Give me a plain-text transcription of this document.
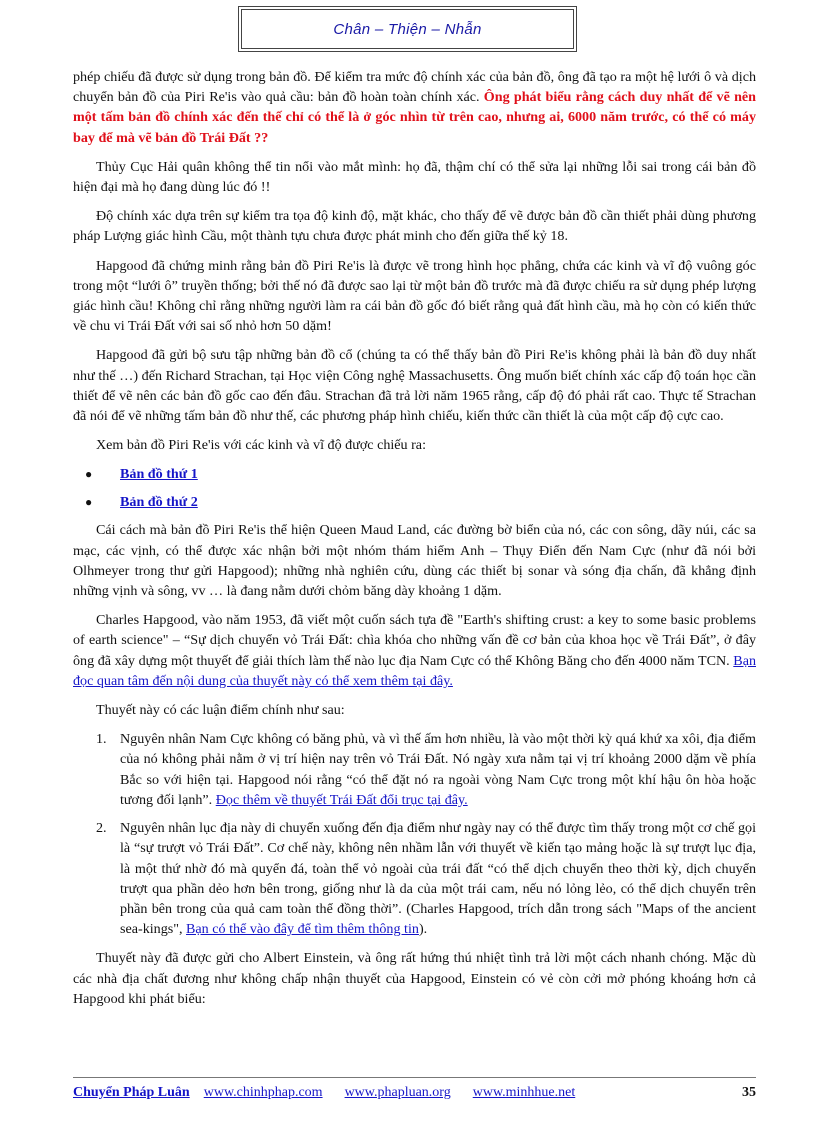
Chân – Thiện – Nhẫn

phép chiếu đã được sử dụng trong bản đồ. Để kiểm tra mức độ chính xác của bản đồ, ông đã tạo ra một hệ lưới ô và dịch chuyển bản đồ của Piri Re'is vào quả cầu: bản đồ hoàn toàn chính xác. Ông phát biểu rằng cách duy nhất để vẽ nên một tấm bản đồ chính xác đến thế chỉ có thể là ở góc nhìn từ trên cao, nhưng ai, 6000 năm trước, có thể có máy bay để mà vẽ bản đồ Trái Đất ??

Thủy Cục Hải quân không thể tin nổi vào mắt mình: họ đã, thậm chí có thể sửa lại những lỗi sai trong cái bản đồ hiện đại mà họ đang dùng lúc đó !!

Độ chính xác dựa trên sự kiểm tra tọa độ kinh độ, mặt khác, cho thấy để vẽ được bản đồ cần thiết phải dùng phương pháp Lượng giác hình Cầu, một thành tựu chưa được phát minh cho đến giữa thế kỷ 18.

Hapgood đã chứng minh rằng bản đồ Piri Re'is là được vẽ trong hình học phẳng, chứa các kinh và vĩ độ vuông góc trong một “lưới ô” truyền thống; bởi thế nó đã được sao lại từ một bản đồ trước mà đã được chiếu ra sử dụng phép lượng giác hình cầu! Không chỉ rằng những người làm ra cái bản đồ gốc đó biết rằng quả đất hình cầu, mà họ còn có kiến thức về chu vi Trái Đất với sai số nhỏ hơn 50 dặm!

Hapgood đã gửi bộ sưu tập những bản đồ cổ (chúng ta có thể thấy bản đồ Piri Re'is không phải là bản đồ duy nhất như thế …) đến Richard Strachan, tại Học viện Công nghệ Massachusetts. Ông muốn biết chính xác cấp độ toán học cần thiết để vẽ nên các bản đồ gốc cao đến đâu. Strachan đã trả lời năm 1965 rằng, cấp độ đó phải rất cao. Thực tế Strachan đã nói để vẽ những tấm bản đồ như thế, các phương pháp hình chiếu, kiến thức cần thiết là của một cấp độ cực cao.

Xem bản đồ Piri Re'is với các kinh và vĩ độ được chiếu ra:

● Bản đồ thứ 1
● Bản đồ thứ 2

Cái cách mà bản đồ Piri Re'is thể hiện Queen Maud Land, các đường bờ biển của nó, các con sông, dãy núi, các sa mạc, các vịnh, có thể được xác nhận bởi một nhóm thám hiểm Anh – Thụy Điển đến Nam Cực (như đã nói bởi Olhmeyer trong thư gửi Hapgood); những nhà nghiên cứu, dùng các thiết bị sonar và sóng địa chấn, đã khẳng định những vịnh và sông, vv … là đang nằm dưới chỏm băng dày khoảng 1 dặm.

Charles Hapgood, vào năm 1953, đã viết một cuốn sách tựa đề "Earth's shifting crust: a key to some basic problems of earth science" – “Sự dịch chuyển vỏ Trái Đất: chìa khóa cho những vấn đề cơ bản của khoa học về Trái Đất”, ở đây ông đã xây dựng một thuyết để giải thích làm thế nào lục địa Nam Cực có thể Không Băng cho đến 4000 năm TCN. Bạn đọc quan tâm đến nội dung của thuyết này có thể xem thêm tại đây.

Thuyết này có các luận điểm chính như sau:

1. Nguyên nhân Nam Cực không có băng phủ, và vì thế ấm hơn nhiều, là vào một thời kỳ quá khứ xa xôi, địa điểm của nó không phải nằm ở vị trí hiện nay trên vỏ Trái Đất. Nó ngày xưa nằm tại vị trí khoảng 2000 dặm về phía Bắc so với hiện tại. Hapgood nói rằng “có thể đặt nó ra ngoài vòng Nam Cực trong một khí hậu ôn hòa hoặc tương đối lạnh”. Đọc thêm về thuyết Trái Đất đổi trục tại đây.
2. Nguyên nhân lục địa này di chuyển xuống đến địa điểm như ngày nay có thể được tìm thấy trong một cơ chế gọi là “sự trượt vỏ Trái Đất”. Cơ chế này, không nên nhầm lẫn với thuyết về kiến tạo mảng hoặc là sự trượt lục địa, là một thứ nhờ đó mà quyển đá, toàn thể vỏ ngoài của trái đất “có thể dịch chuyển theo thời kỳ, dịch chuyển trượt qua phần dẻo hơn bên trong, giống như là da của một trái cam, nếu nó lỏng lẻo, có thể dịch chuyển trên phần bên trong của quả cam toàn thể đồng thời”. (Charles Hapgood, trích dẫn trong sách "Maps of the ancient sea-kings", Bạn có thể vào đây để tìm thêm thông tin).

Thuyết này đã được gửi cho Albert Einstein, và ông rất hứng thú nhiệt tình trả lời một cách nhanh chóng. Mặc dù các nhà địa chất đương như không chấp nhận thuyết của Hapgood, Einstein có vẻ còn cởi mở phóng khoáng hơn cả Hapgood khi phát biểu:

Chuyển Pháp Luân www.chinhphap.com www.phapluan.org www.minhhue.net	35
